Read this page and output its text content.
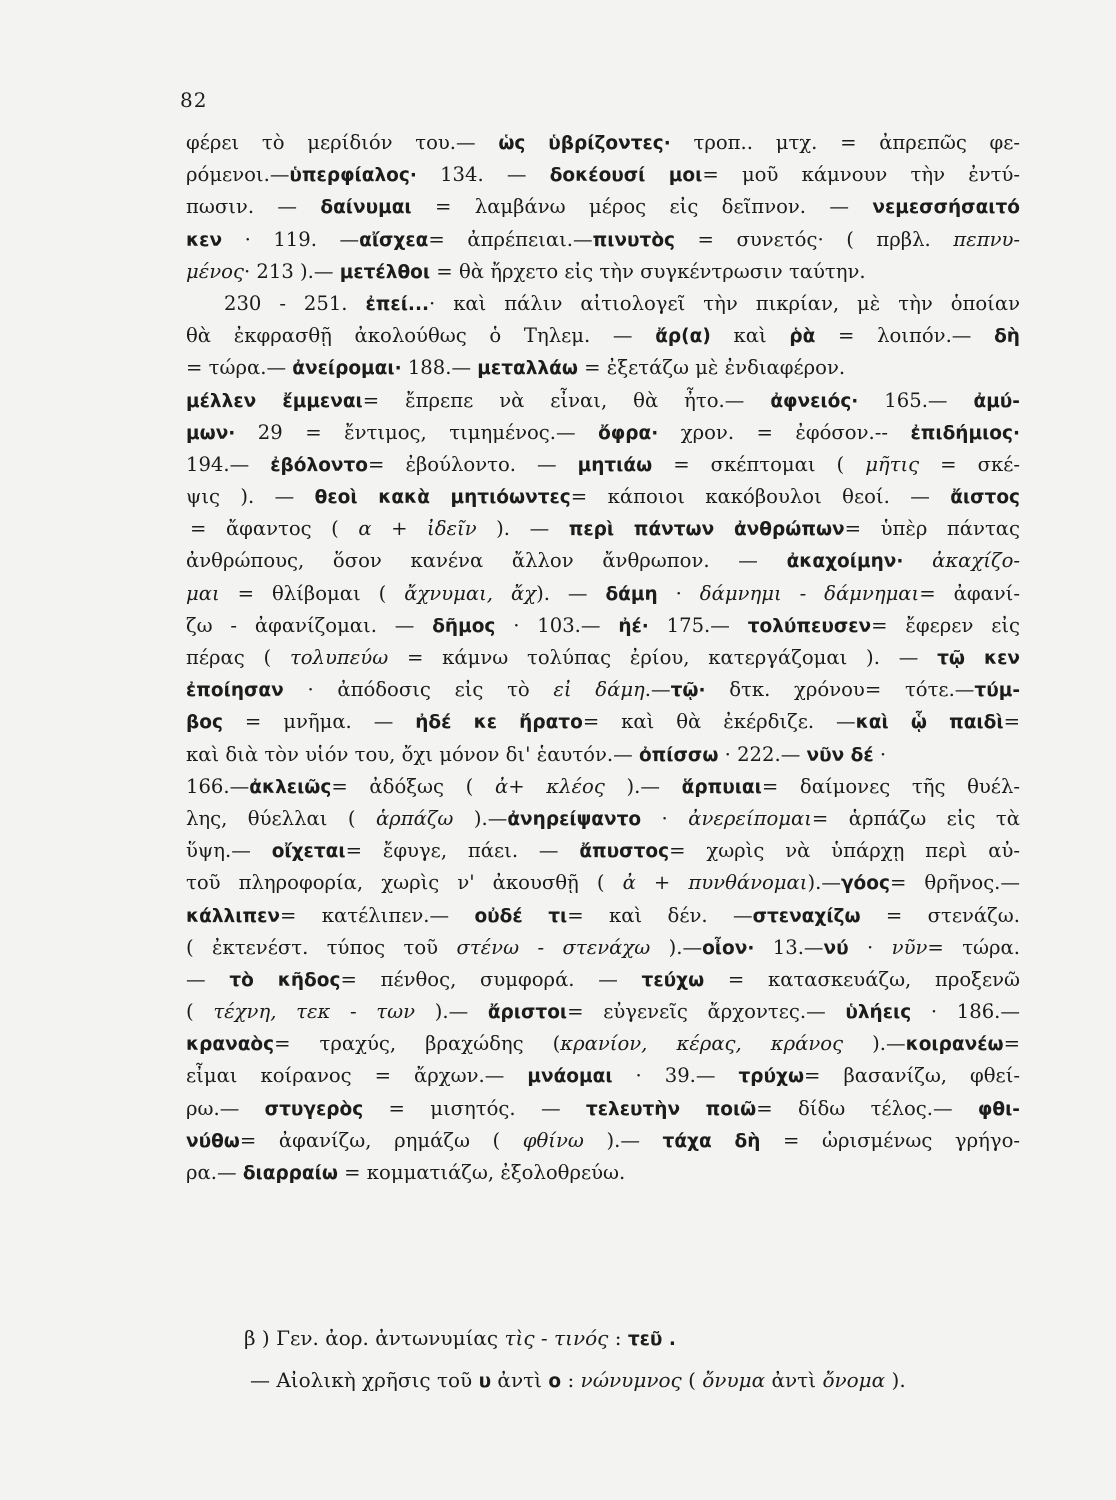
82
φέρει τὸ μερίδιόν του.— ὡς ὑβρίζοντες· τροπ.. μτχ. = ἀπρεπῶς φε-
ρόμενοι.—ὑπερφίαλος· 134. — δοκέουσί μοι= μοῦ κάμνουν τὴν ἐντύ-
πωσιν. — δαίνυμαι = λαμβάνω μέρος εἰς δεῖπνον. — νεμεσσήσαιτό
κεν · 119. —αἴσχεα= ἀπρέπειαι.—πινυτὸς = συνετός· ( πρβλ. πεπνυ-
μένος· 213 ).— μετέλθοι = θὰ ἤρχετο εἰς τὴν συγκέντρωσιν ταύτην.
230 - 251. ἐπεί...· καὶ πάλιν αἰτιολογεῖ τὴν πικρίαν, μὲ τὴν ὁποίαν
θὰ ἐκφρασθῇ ἀκολούθως ὁ Τηλεμ. — ἄρ(α) καὶ ῥὰ = λοιπόν.— δὴ
= τώρα.— ἀνείρομαι· 188.— μεταλλάω = ἐξετάζω μὲ ἐνδιαφέρον.
μέλλεν ἔμμεναι= ἔπρεπε νὰ εἶναι, θὰ ἦτο.— ἀφνειός· 165.— ἀμύ-
μων· 29 = ἔντιμος, τιμημένος.— ὄφρα· χρον. = ἐφόσον.-- ἐπιδήμιος·
194.— ἐβόλοντο= ἐβούλοντο. — μητιάω = σκέπτομαι ( μῆτις = σκέ-
ψις ). — θεοὶ κακὰ μητιόωντες= κάποιοι κακόβουλοι θεοί. — ἄιστος
= ἄφαντος ( α + ἰδεῖν ). — περὶ πάντων ἀνθρώπων= ὑπὲρ πάντας
ἀνθρώπους, ὅσον κανένα ἄλλον ἄνθρωπον. — ἀκαχοίμην· ἀκαχίζο-
μαι = θλίβομαι ( ἄχνυμαι, ἄχ). — δάμη · δάμνημι - δάμνημαι= ἀφανί-
ζω - ἀφανίζομαι. — δῆμος · 103.— ἠέ· 175.— τολύπευσεν= ἔφερεν εἰς
πέρας ( τολυπεύω = κάμνω τολύπας ἐρίου, κατεργάζομαι ). — τῷ κεν
ἐποίησαν · ἀπόδοσις εἰς τὸ εἰ δάμη.—τῷ· δτκ. χρόνου= τότε.—τύμ-
βος = μνῆμα. — ἠδέ κε ἤρατο= καὶ θὰ ἐκέρδιζε. —καὶ ᾧ παιδὶ=
καὶ διὰ τὸν υἱόν του, ὄχι μόνον δι' ἑαυτόν.— ὀπίσσω · 222.— νῦν δέ ·
166.—ἀκλειῶς= ἀδόξως ( ἀ+ κλέος ).— ἅρπυιαι= δαίμονες τῆς θυέλ-
λης, θύελλαι ( ἁρπάζω ).—ἀνηρείψαντο · ἀνερείπομαι= ἁρπάζω εἰς τὰ
ὕψη.— οἴχεται= ἔφυγε, πάει. — ἄπυστος= χωρὶς νὰ ὑπάρχῃ περὶ αὐ-
τοῦ πληροφορία, χωρὶς ν' ἀκουσθῇ ( ἀ + πυνθάνομαι).—γόος= θρῆνος.—
κάλλιπεν= κατέλιπεν.— οὐδέ τι= καὶ δέν. —στεναχίζω = στενάζω.
( ἐκτενέστ. τύπος τοῦ στένω - στενάχω ).—οἶον· 13.—νύ · νῦν= τώρα.
— τὸ κῆδος= πένθος, συμφορά. — τεύχω = κατασκευάζω, προξενῶ
( τέχνη, τεκ - των ).— ἄριστοι= εὐγενεῖς ἄρχοντες.— ὑλήεις · 186.—
κραναὸς= τραχύς, βραχώδης (κρανίον, κέρας, κράνος ).—κοιρανέω=
εἶμαι κοίρανος = ἄρχων.— μνάομαι · 39.— τρύχω= βασανίζω, φθεί-
ρω.— στυγερὸς = μισητός. — τελευτὴν ποιῶ= δίδω τέλος.— φθι-
νύθω= ἀφανίζω, ρημάζω ( φθίνω ).— τάχα δὴ = ὡρισμένως γρήγο-
ρα.— διαρραίω = κομματιάζω, ἐξολοθρεύω.
β ) Γεν. ἀορ. ἀντωνυμίας τὶς - τινός : τεῦ .
— Αἰολικὴ χρῆσις τοῦ υ ἀντὶ ο : νώνυμνος ( ὄνυμα ἀντὶ ὄνομα ).
